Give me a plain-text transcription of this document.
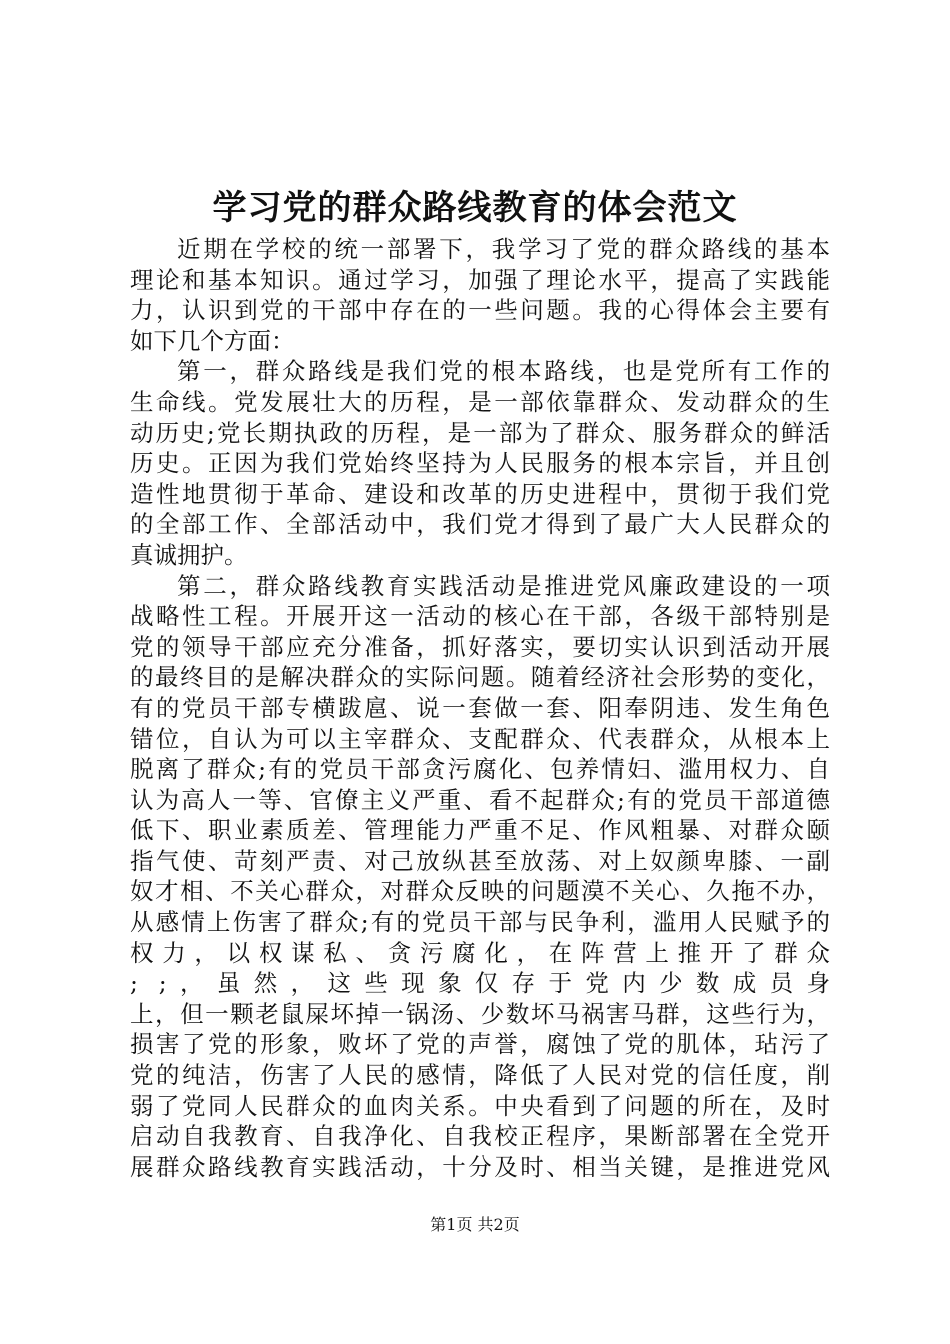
学习党的群众路线教育的体会范文
近期在学校的统一部署下，我学习了党的群众路线的基本
理论和基本知识。通过学习，加强了理论水平，提高了实践能
力，认识到党的干部中存在的一些问题。我的心得体会主要有
如下几个方面：
第一，群众路线是我们党的根本路线，也是党所有工作的
生命线。党发展壮大的历程，是一部依靠群众、发动群众的生
动历史;党长期执政的历程，是一部为了群众、服务群众的鲜活
历史。正因为我们党始终坚持为人民服务的根本宗旨，并且创
造性地贯彻于革命、建设和改革的历史进程中，贯彻于我们党
的全部工作、全部活动中，我们党才得到了最广大人民群众的
真诚拥护。
第二，群众路线教育实践活动是推进党风廉政建设的一项
战略性工程。开展开这一活动的核心在干部，各级干部特别是
党的领导干部应充分准备，抓好落实，要切实认识到活动开展
的最终目的是解决群众的实际问题。随着经济社会形势的变化，
有的党员干部专横跋扈、说一套做一套、阳奉阴违、发生角色
错位，自认为可以主宰群众、支配群众、代表群众，从根本上
脱离了群众;有的党员干部贪污腐化、包养情妇、滥用权力、自
认为高人一等、官僚主义严重、看不起群众;有的党员干部道德
低下、职业素质差、管理能力严重不足、作风粗暴、对群众颐
指气使、苛刻严责、对己放纵甚至放荡、对上奴颜卑膝、一副
奴才相、不关心群众，对群众反映的问题漠不关心、久拖不办，
从感情上伤害了群众;有的党员干部与民争利，滥用人民赋予的
权力，以权谋私、贪污腐化，在阵营上推开了群众
; ;，虽然，这些现象仅存于党内少数成员身
上，但一颗老鼠屎坏掉一锅汤、少数坏马祸害马群，这些行为，
损害了党的形象，败坏了党的声誉，腐蚀了党的肌体，玷污了
党的纯洁，伤害了人民的感情，降低了人民对党的信任度，削
弱了党同人民群众的血肉关系。中央看到了问题的所在，及时
启动自我教育、自我净化、自我校正程序，果断部署在全党开
展群众路线教育实践活动，十分及时、相当关键，是推进党风
第1页 共2页
